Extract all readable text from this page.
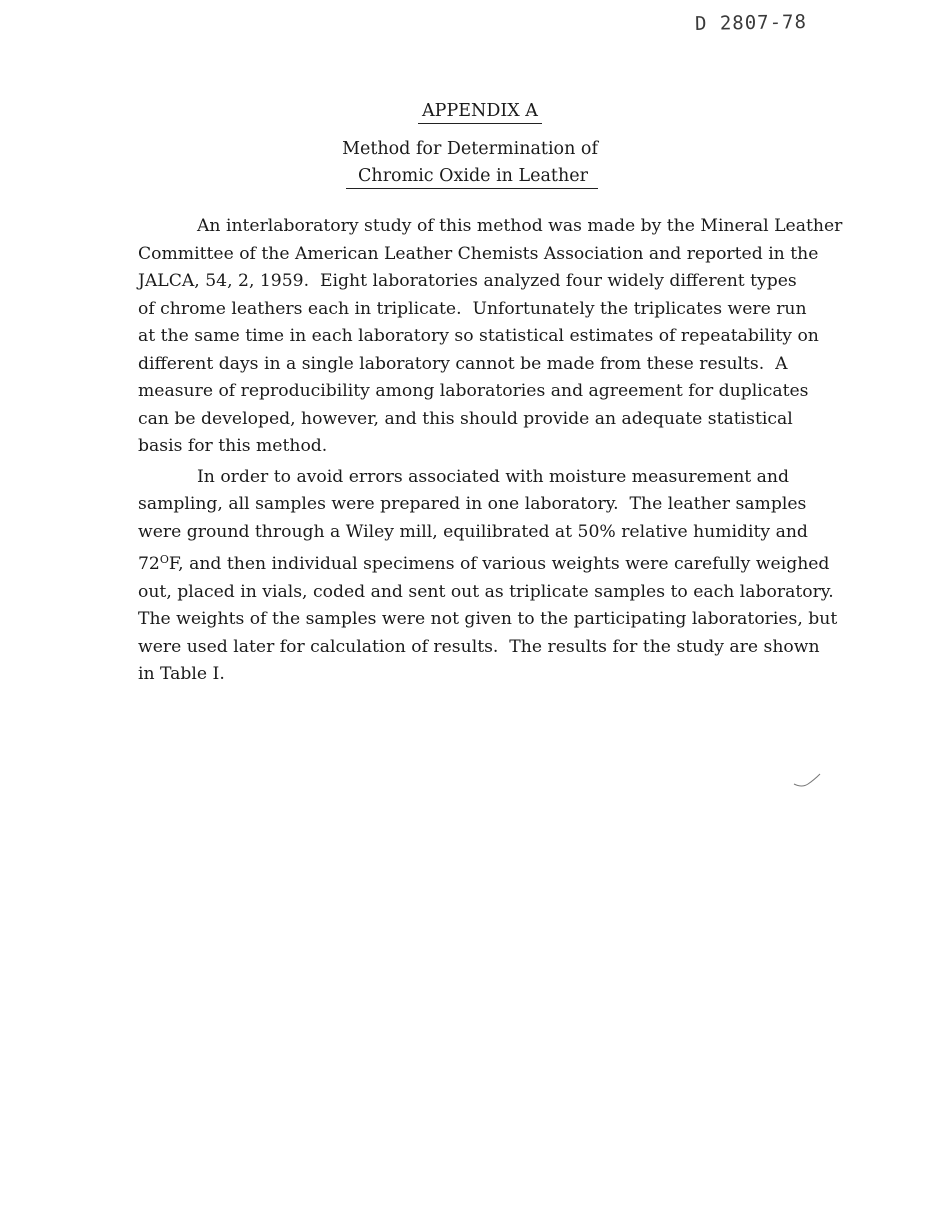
D 2807-78
APPENDIX A
Method for Determination of
Chromic Oxide in Leather
An interlaboratory study of this method was made by the Mineral Leather
Committee of the American Leather Chemists Association and reported in the
JALCA, 54, 2, 1959.  Eight laboratories analyzed four widely different types
of chrome leathers each in triplicate.  Unfortunately the triplicates were run
at the same time in each laboratory so statistical estimates of repeatability on
different days in a single laboratory cannot be made from these results.  A
measure of reproducibility among laboratories and agreement for duplicates
can be developed, however, and this should provide an adequate statistical
basis for this method.
In order to avoid errors associated with moisture measurement and
sampling, all samples were prepared in one laboratory.  The leather samples
were ground through a Wiley mill, equilibrated at 50% relative humidity and
$72^OF$, and then individual specimens of various weights were carefully weighed
out, placed in vials, coded and sent out as triplicate samples to each laboratory.
The weights of the samples were not given to the participating laboratories, but
were used later for calculation of results.  The results for the study are shown
in Table I.
